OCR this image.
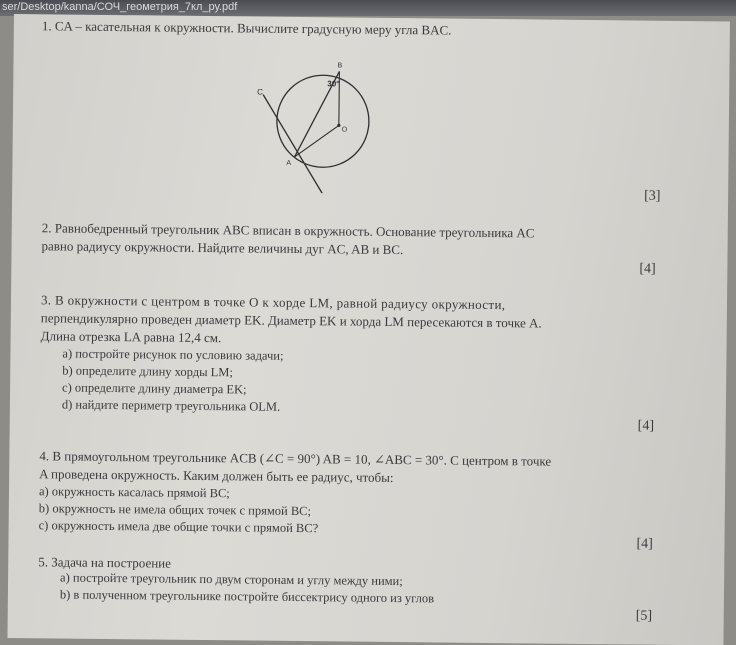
ser/Desktop/kanna/СОЧ_геометрия_7кл_ру.pdf
1. CA – касательная к окружности. Вычислите градусную меру угла BAC.
B
C
A
O
30°
[3]
2. Равнобедренный треугольник ABC вписан в окружность. Основание треугольника AC
равно радиусу окружности. Найдите величины дуг AC, AB и BC.
[4]
3. В окружности с центром в точке O к хорде LM, равной радиусу окружности,
перпендикулярно проведен диаметр EK. Диаметр EK и хорда LM пересекаются в точке A.
Длина отрезка LA равна 12,4 см.
a) постройте рисунок по условию задачи;
b) определите длину хорды LM;
c) определите длину диаметра EK;
d) найдите периметр треугольника OLM.
[4]
4. В прямоугольном треугольнике ACB (∠C = 90°) AB = 10, ∠ABC = 30°. С центром в точке
A проведена окружность. Каким должен быть ее радиус, чтобы:
a) окружность касалась прямой BC;
b) окружность не имела общих точек с прямой BC;
c) окружность имела две общие точки с прямой BC?
[4]
5. Задача на построение
a) постройте треугольник по двум сторонам и углу между ними;
b) в полученном треугольнике постройте биссектрису одного из углов
[5]
